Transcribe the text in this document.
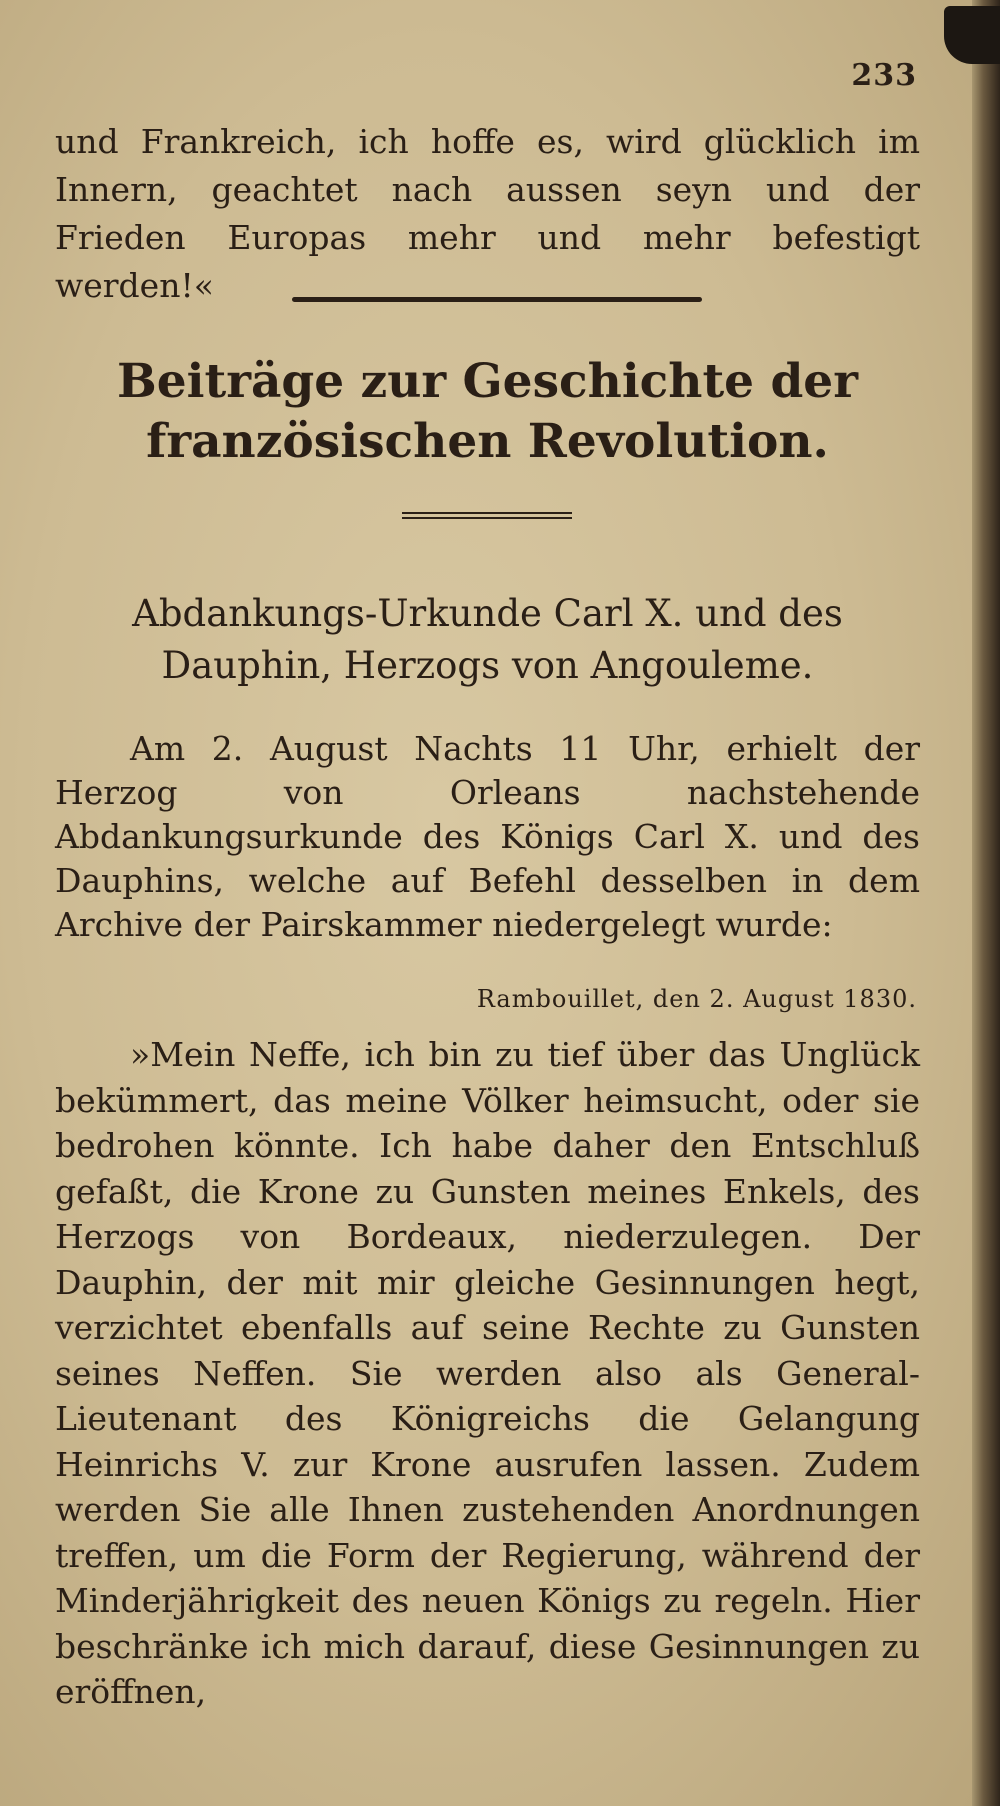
233
und Frankreich, ich hoffe es, wird glücklich im Innern, geachtet nach aussen seyn und der Frieden Europas mehr und mehr befestigt werden!«
Beiträge zur Geschichte der französischen Revolution.
Abdankungs-Urkunde Carl X. und des Dauphin, Herzogs von Angouleme.
Am 2. August Nachts 11 Uhr, erhielt der Herzog von Orleans nachstehende Abdankungsurkunde des Königs Carl X. und des Dauphins, welche auf Befehl desselben in dem Archive der Pairskammer niedergelegt wurde:
Rambouillet, den 2. August 1830.
»Mein Neffe, ich bin zu tief über das Unglück bekümmert, das meine Völker heimsucht, oder sie bedrohen könnte. Ich habe daher den Entschluß gefaßt, die Krone zu Gunsten meines Enkels, des Herzogs von Bordeaux, niederzulegen. Der Dauphin, der mit mir gleiche Gesinnungen hegt, verzichtet ebenfalls auf seine Rechte zu Gunsten seines Neffen. Sie werden also als General-Lieutenant des Königreichs die Gelangung Heinrichs V. zur Krone ausrufen lassen. Zudem werden Sie alle Ihnen zustehenden Anordnungen treffen, um die Form der Regierung, während der Minderjährigkeit des neuen Königs zu regeln. Hier beschränke ich mich darauf, diese Gesinnungen zu eröffnen,
